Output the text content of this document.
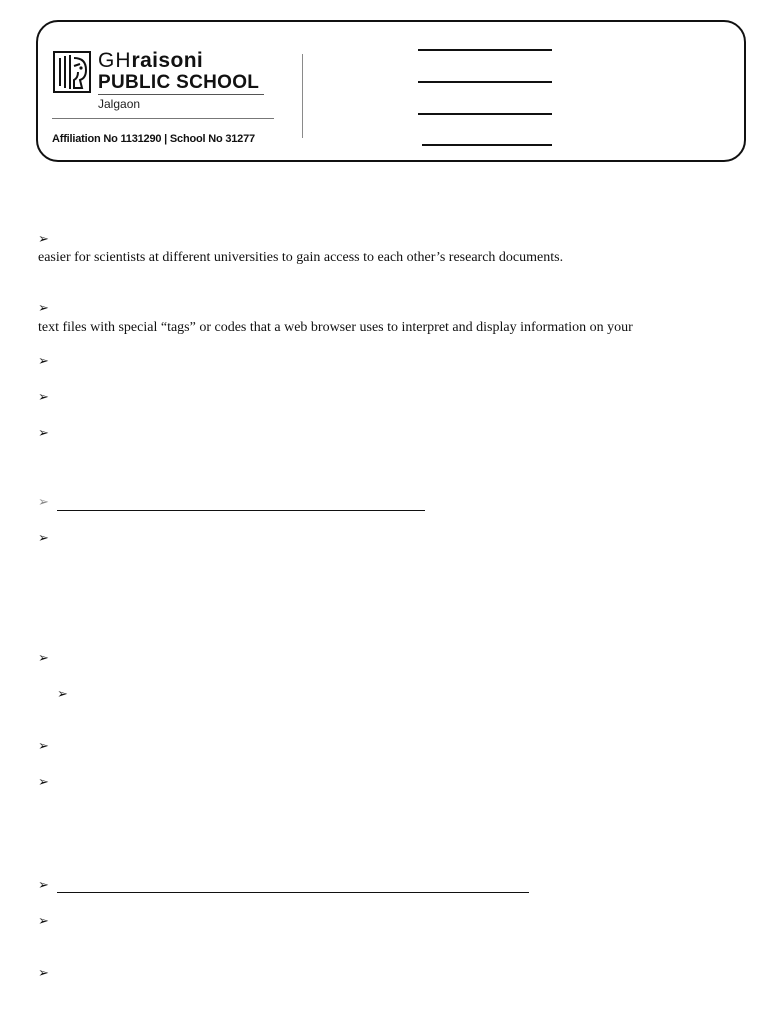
GHraisoni
PUBLIC SCHOOL
Jalgaon
Affiliation No 1131290 | School No 31277
➢
easier for scientists at different universities to gain access to each other’s research documents.
➢
text files with special “tags” or codes that a web browser uses to interpret and display information on your
➢
➢
➢
➢
➢
➢
➢
➢
➢
➢
➢
➢
